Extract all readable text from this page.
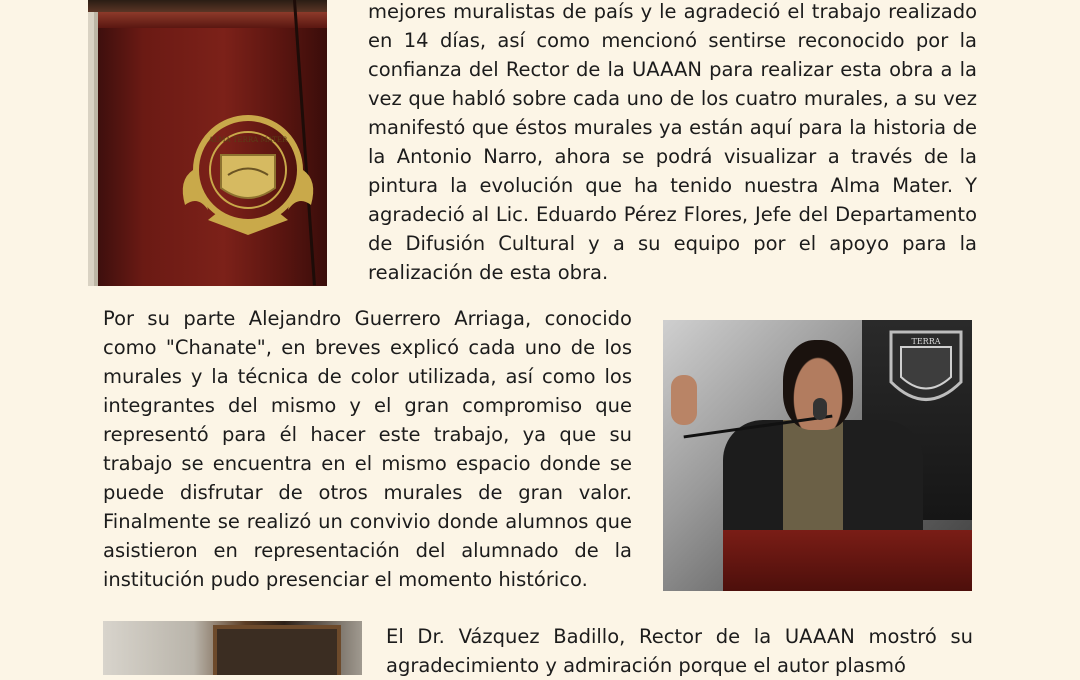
mejores muralistas de país y le agradeció el trabajo realizado en 14 días, así como mencionó sentirse reconocido por la confianza del Rector de la UAAAN para realizar esta obra a la vez que habló sobre cada uno de los cuatro murales, a su vez manifestó que éstos murales ya están aquí para la historia de la Antonio Narro, ahora se podrá visualizar a través de la pintura la evolución que ha tenido nuestra Alma Mater. Y agradeció al Lic. Eduardo Pérez Flores, Jefe del Departamento de Difusión Cultural y a su equipo por el apoyo para la realización de esta obra.

Por su parte Alejandro Guerrero Arriaga, conocido como "Chanate", en breves explicó cada uno de los murales y la técnica de color utilizada, así como los integrantes del mismo y el gran compromiso que representó para él hacer este trabajo, ya que su trabajo se encuentra en el mismo espacio donde se puede disfrutar de otros murales de gran valor. Finalmente se realizó un convivio donde alumnos que asistieron en representación del alumnado de la institución pudo presenciar el momento histórico.

El Dr. Vázquez Badillo, Rector de la UAAAN mostró su agradecimiento y admiración porque el autor plasmó

ALMA TERRA MATER
TERRA
